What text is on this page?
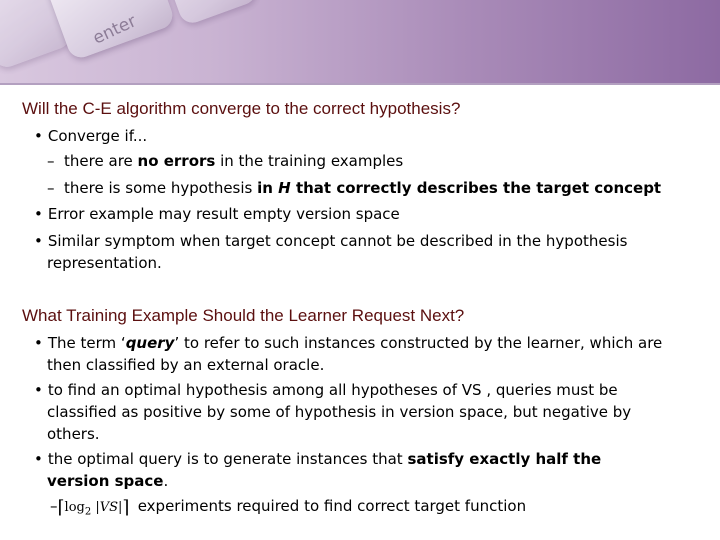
enter
Will the C-E algorithm converge to the correct hypothesis?
• Converge if...
– there are no errors in the training examples
– there is some hypothesis in H that correctly describes the target concept
• Error example may result empty version space
• Similar symptom when target concept cannot be described in the hypothesis
representation.
What Training Example Should the Learner Request Next?
• The term ‘query’ to refer to such instances constructed by the learner, which are
then classified by an external oracle.
• to find an optimal hypothesis among all hypotheses of VS , queries must be
classified as positive by some of hypothesis in version space, but negative by
others.
• the optimal query is to generate instances that satisfy exactly half the
version space.
$-⌈\log_2$ |VS|⌉ experiments required to find correct target function
